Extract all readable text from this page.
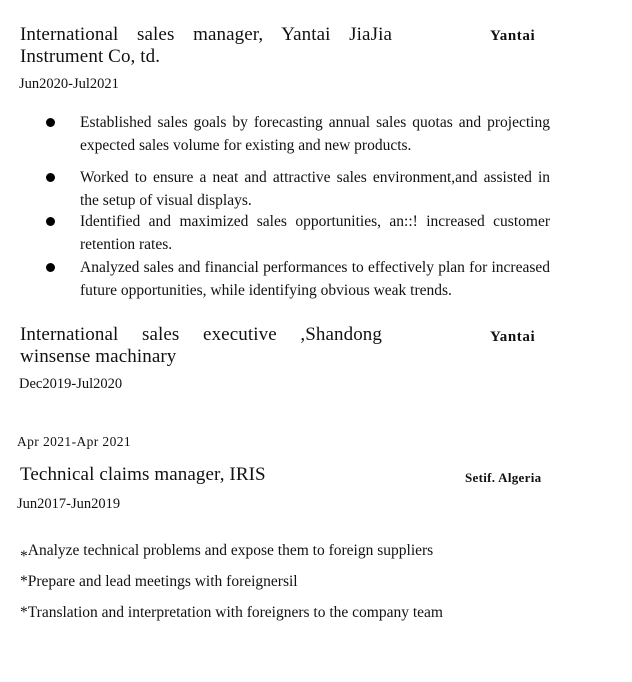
International sales manager, Yantai JiaJia
Instrument Co, td.
Yantai
Jun2020-Jul2021
Established sales goals by forecasting annual sales quotas and projecting expected sales volume for existing and new products.
Worked to ensure a neat and attractive sales environment,and assisted in the setup of visual displays.
Identified and maximized sales opportunities, an::! increased customer retention rates.
Analyzed sales and financial performances to effectively plan for increased future opportunities, while identifying obvious weak trends.
International sales executive ,Shandong
winsense machinary
Yantai
Dec2019-Jul2020
Apr 2021-Apr 2021
Technical claims manager, IRIS	Setif. Algeria
Jun2017-Jun2019
*Analyze technical problems and expose them to foreign suppliers
*Prepare and lead meetings with foreignersil
*Translation and interpretation with foreigners to the company team
